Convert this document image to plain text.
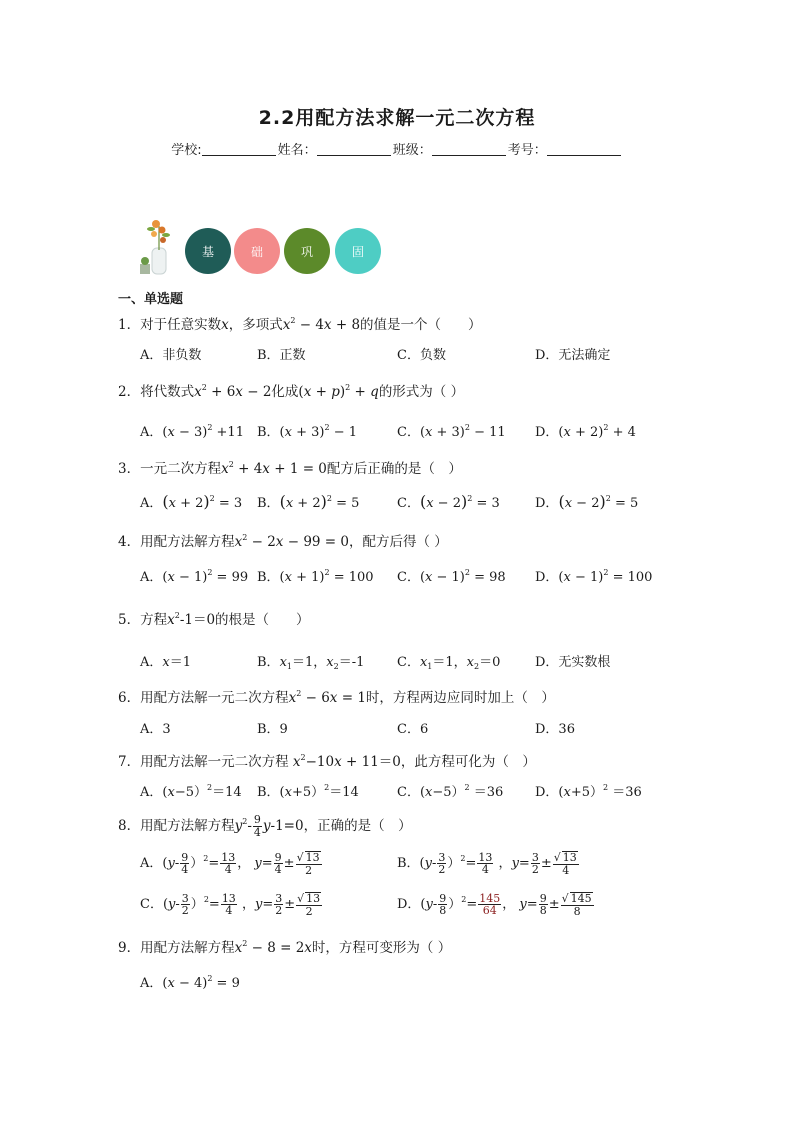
2.2用配方法求解一元二次方程
学校:	姓名：	班级：	考号：
基	础	巩	固
一、单选题
1．对于任意实数x，多项式$x^2 - 4x + 8$的值是一个（　　）
A．非负数	B．正数	C．负数	D．无法确定
2．将代数式$x^2 + 6x - 2$化成$(x + p)^2 + q$的形式为（ ）
A．$(x - 3)^2 +11$ B．$(x + 3)^2 - 1$	C．$(x + 3)^2 - 11$ D．$(x + 2)^2 + 4$
3．一元二次方程$x^2 + 4x + 1 = 0$配方后正确的是（　）
A．$(x + 2)^2 = 3$ B．$(x + 2)^2 = 5$	C．$(x - 2)^2 = 3$	D．$(x - 2)^2 = 5$
4．用配方法解方程$x^2 - 2x - 99 = 0$，配方后得（ ）
A．$(x - 1)^2 = 99$ B．$(x + 1)^2 = 100$ C．$(x - 1)^2 = 98$ D．$(x - 1)^2 = 100$
5．方程$x^2-1=0$的根是（　　）
A．x＝1	B．$x_1=1$，$x_2=-1$	C．$x_1=1$，$x_2=0$	D．无实数根
6．用配方法解一元二次方程$x^2 - 6x = 1$时，方程两边应同时加上（　）
A．3	B．9	C．6	D．36
7．用配方法解一元二次方程 $x^2-10x + 11=0$，此方程可化为（　）
A．(x−5）$^2$＝14 B．(x+5）$^2$＝14	C．(x−5）$^2$ ＝36 D．(x+5）$^2$ ＝36
8．用配方法解方程$y^2- \frac{9}{4} y-1=0$，正确的是（　）
A．$(y- \frac{9}{4} )^2= \frac{13}{4}$ ， $y= \frac{9}{4} \pm \frac{√ 13}{2}$	B．$(y- \frac{3}{2} )^2= \frac{13}{4}$ ，$y= \frac{3}{2} \pm \frac{√ 13}{4}$
C．$(y- \frac{3}{2} )^2= \frac{13}{4}$ ，$y= \frac{3}{2} \pm \frac{√ 13}{2}$	D．$(y- \frac{9}{8} )^2= \frac{145}{64}$ ， $y= \frac{9}{8} \pm \frac{√ 145}{8}$
9．用配方法解方程$x^2 - 8 = 2x$时，方程可变形为（ ）
A．$(x - 4)^2 = 9$
